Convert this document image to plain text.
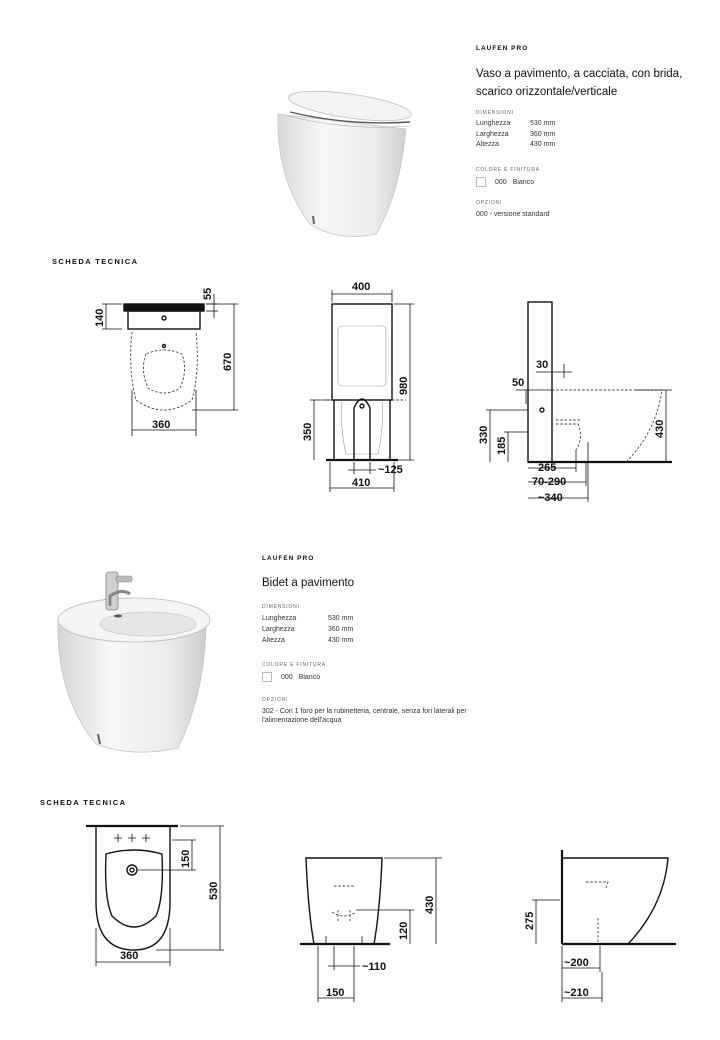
LAUFEN PRO
Vaso a pavimento, a cacciata, con brida,
scarico orizzontale/verticale
DIMENSIONI
Lunghezza	530 mm
Larghezza	360 mm
Altezza	430 mm
COLORE E FINITURA
000 Bianco
OPZIONI
000 - versione standard
SCHEDA TECNICA
55
140
670
360
400
980
350
~125
410
30
50
330
185
430
265
70-290
~340
LAUFEN PRO
Bidet a pavimento
DIMENSIONI
Lunghezza	530 mm
Larghezza	360 mm
Altezza	430 mm
COLORE E FINITURA
000 Bianco
OPZIONI
302 - Con 1 foro per la rubinetteria, centrale, senza fori laterali per
l'alimentazione dell'acqua
SCHEDA TECNICA
150
530
360
430
120
~110
150
275
~200
~210
